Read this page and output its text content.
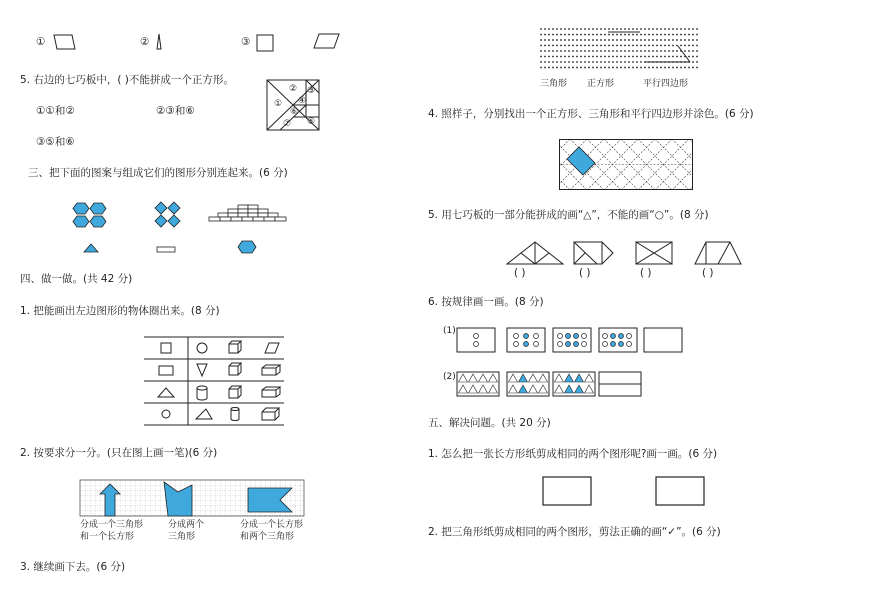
①	②	③
5. 右边的七巧板中，( )不能拼成一个正方形。
①①和②	②③和⑥
③⑤和⑥
①
② ③
④
⑤
⑥
⑦
三、把下面的图案与组成它们的图形分别连起来。(6 分)
四、做一做。(共 42 分)
1. 把能画出左边图形的物体圈出来。(8 分)
2. 按要求分一分。(只在图上画一笔)(6 分)
分成一个三角形
和一个长方形
分成两个
三角形
分成一个长方形
和两个三角形
3. 继续画下去。(6 分)
三角形 正方形	平行四边形
4. 照样子，分别找出一个正方形、三角形和平行四边形并涂色。(6 分)
5. 用七巧板的一部分能拼成的画“△”，不能的画“○”。(8 分)
( )	( )	( )	( )
6. 按规律画一画。(8 分)
(1)
(2)
五、解决问题。(共 20 分)
1. 怎么把一张长方形纸剪成相同的两个图形呢?画一画。(6 分)
2. 把三角形纸剪成相同的两个图形，剪法正确的画“✓”。(6 分)
